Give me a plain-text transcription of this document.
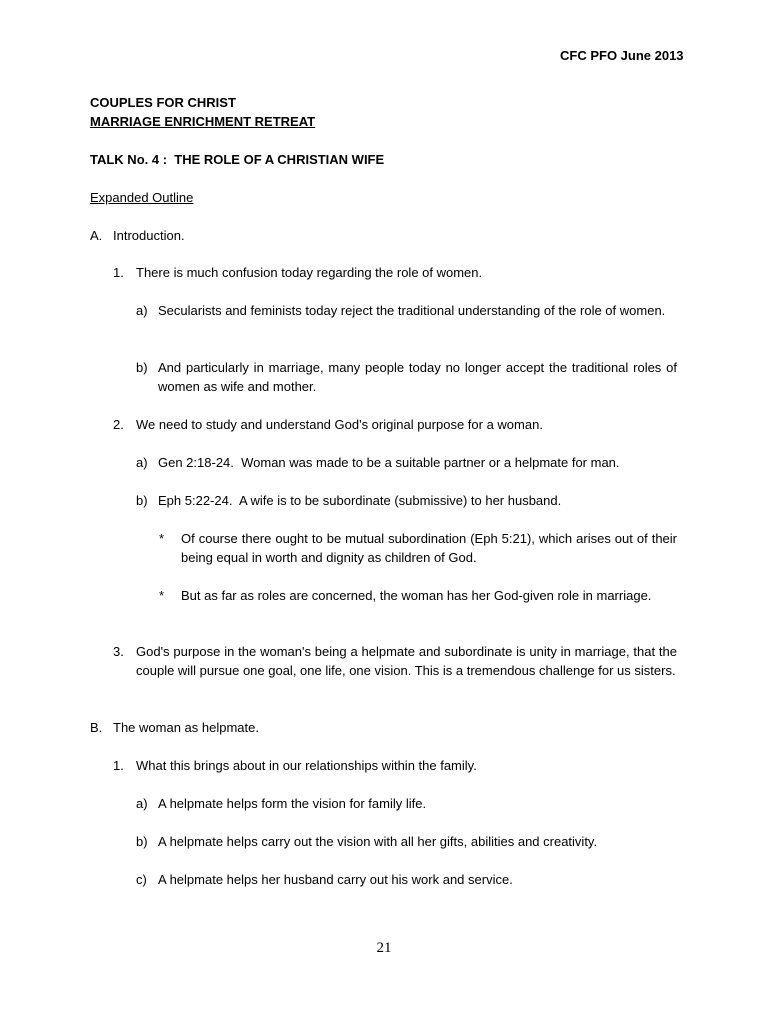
CFC PFO June 2013
COUPLES FOR CHRIST
MARRIAGE ENRICHMENT RETREAT
TALK No. 4 :  THE ROLE OF A CHRISTIAN WIFE
Expanded Outline
A. Introduction.
1. There is much confusion today regarding the role of women.
a) Secularists and feminists today reject the traditional understanding of the role of women.
b) And particularly in marriage, many people today no longer accept the traditional roles of women as wife and mother.
2. We need to study and understand God's original purpose for a woman.
a) Gen 2:18-24.  Woman was made to be a suitable partner or a helpmate for man.
b) Eph 5:22-24.  A wife is to be subordinate (submissive) to her husband.
* Of course there ought to be mutual subordination (Eph 5:21), which arises out of their being equal in worth and dignity as children of God.
* But as far as roles are concerned, the woman has her God-given role in marriage.
3. God's purpose in the woman's being a helpmate and subordinate is unity in marriage, that the couple will pursue one goal, one life, one vision. This is a tremendous challenge for us sisters.
B. The woman as helpmate.
1. What this brings about in our relationships within the family.
a) A helpmate helps form the vision for family life.
b) A helpmate helps carry out the vision with all her gifts, abilities and creativity.
c) A helpmate helps her husband carry out his work and service.
21
